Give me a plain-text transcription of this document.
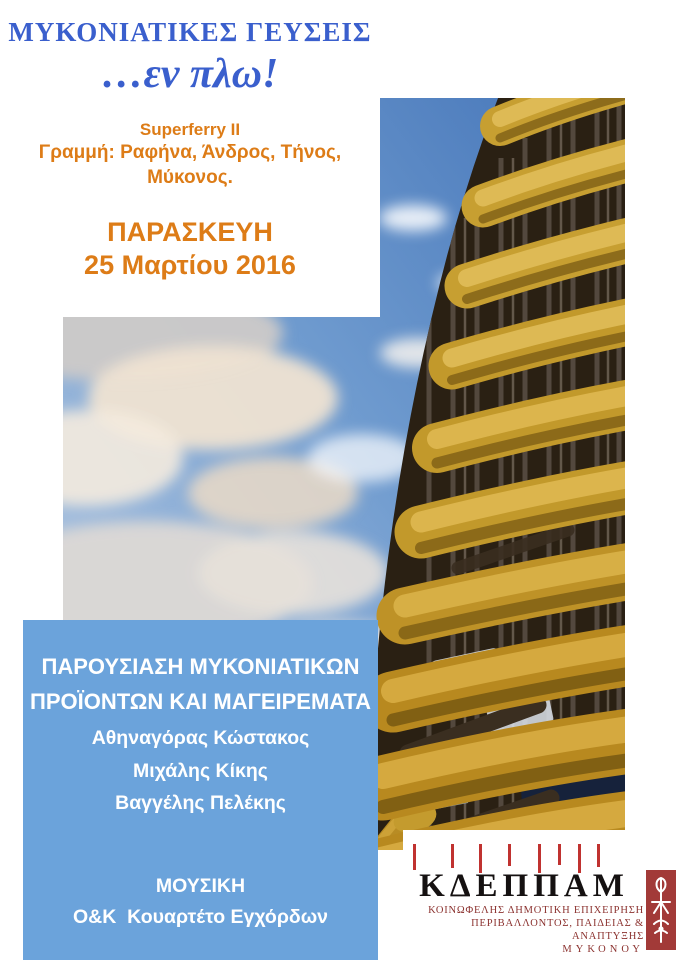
ΜΥΚΟΝΙΑΤΙΚΕΣ ΓΕΥΣΕΙΣ
…εν πλω!
Superferry II
Γραμμή: Ραφήνα, Άνδρος, Τήνος,
Μύκονος.
ΠΑΡΑΣΚΕΥΗ
25 Μαρτίου 2016
ΠΑΡΟΥΣΙΑΣΗ ΜΥΚΟΝΙΑΤΙΚΩΝ
ΠΡΟΪΟΝΤΩΝ ΚΑΙ ΜΑΓΕΙΡΕΜΑΤΑ
Αθηναγόρας Κώστακος
Μιχάλης Κίκης
Βαγγέλης Πελέκης
ΜΟΥΣΙΚΗ
Ο&Κ  Κουαρτέτο Εγχόρδων
ΚΔΕΠΠΑΜ
ΚΟΙΝΩΦΕΛΗΣ ΔΗΜΟΤΙΚΗ ΕΠΙΧΕΙΡΗΣΗ
ΠΕΡΙΒΑΛΛΟΝΤΟΣ, ΠΑΙΔΕΙΑΣ & ΑΝΑΠΤΥΞΗΣ
ΜΥΚΟΝΟΥ
